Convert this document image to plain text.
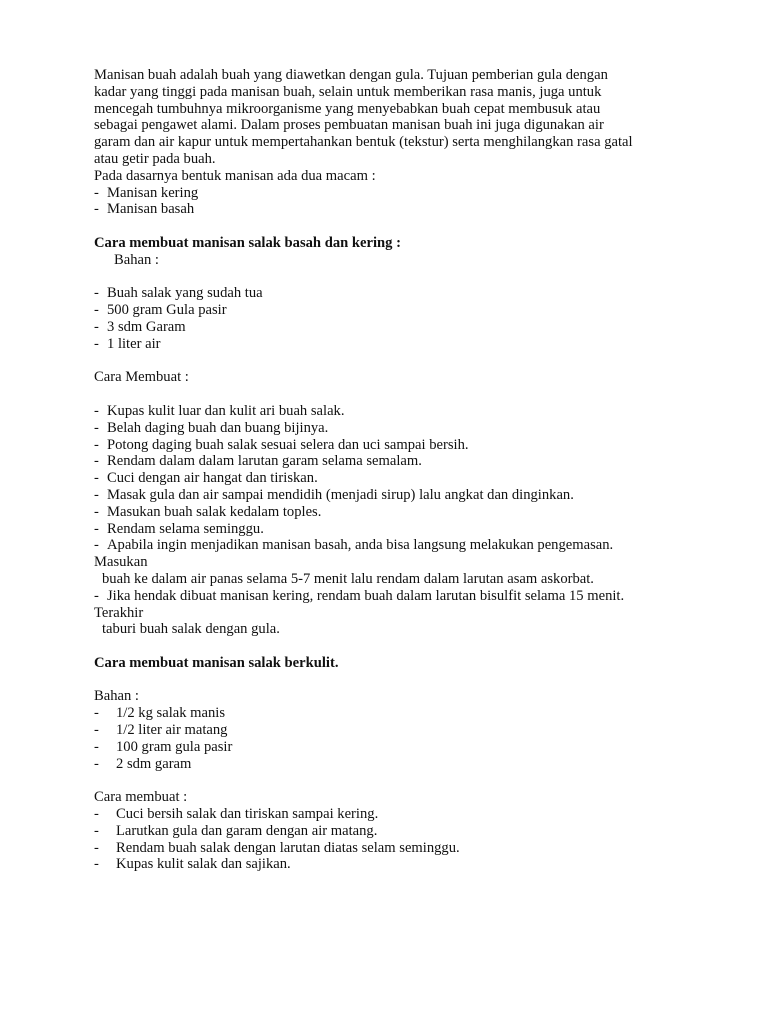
Manisan buah adalah buah yang diawetkan dengan gula. Tujuan pemberian gula dengan
kadar yang tinggi pada manisan buah, selain untuk memberikan rasa manis, juga untuk
mencegah tumbuhnya mikroorganisme yang menyebabkan buah cepat membusuk atau
sebagai pengawet alami. Dalam proses pembuatan manisan buah ini juga digunakan air
garam dan air kapur untuk mempertahankan bentuk (tekstur) serta menghilangkan rasa gatal
atau getir pada buah.
Pada dasarnya bentuk manisan ada dua macam :
- Manisan kering
- Manisan basah
Cara membuat manisan salak basah dan kering :
Bahan :
- Buah salak yang sudah tua
- 500 gram Gula pasir
- 3 sdm Garam
- 1 liter air
Cara Membuat :
- Kupas kulit luar dan kulit ari buah salak.
- Belah daging buah dan buang bijinya.
- Potong daging buah salak sesuai selera dan uci sampai bersih.
- Rendam dalam dalam larutan garam selama semalam.
- Cuci dengan air hangat dan tiriskan.
- Masak gula dan air sampai mendidih (menjadi sirup) lalu angkat dan dinginkan.
- Masukan buah salak kedalam toples.
- Rendam selama seminggu.
- Apabila ingin menjadikan manisan basah, anda bisa langsung melakukan pengemasan.
Masukan
buah ke dalam air panas selama 5-7 menit lalu rendam dalam larutan asam askorbat.
- Jika hendak dibuat manisan kering, rendam buah dalam larutan bisulfit selama 15 menit.
Terakhir
taburi buah salak dengan gula.
Cara membuat manisan salak berkulit.
Bahan :
- 1/2 kg salak manis
- 1/2 liter air matang
- 100 gram gula pasir
- 2 sdm garam
Cara membuat :
- Cuci bersih salak dan tiriskan sampai kering.
- Larutkan gula dan garam dengan air matang.
- Rendam buah salak dengan larutan diatas selam seminggu.
- Kupas kulit salak dan sajikan.
